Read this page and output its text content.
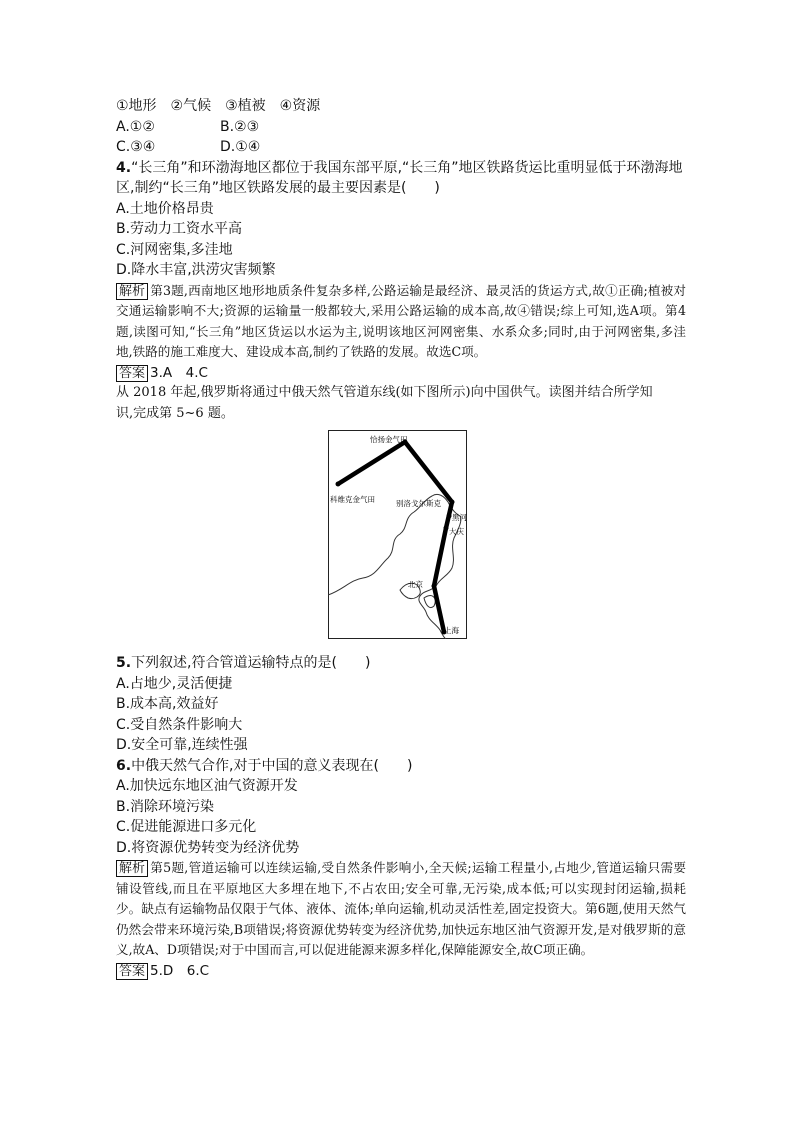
①地形　②气候　③植被　④资源
A.①②	B.②③
C.③④	D.①④
4.“长三角”和环渤海地区都位于我国东部平原,“长三角”地区铁路货运比重明显低于环渤海地
区,制约“长三角”地区铁路发展的最主要因素是(　　)
A.土地价格昂贵
B.劳动力工资水平高
C.河网密集,多洼地
D.降水丰富,洪涝灾害频繁
解析 第3题,西南地区地形地质条件复杂多样,公路运输是最经济、最灵活的货运方式,故①正确;植被对交通运输影响不大;资源的运输量一般都较大,采用公路运输的成本高,故④错误;综上可知,选A项。第4题,读图可知,“长三角”地区货运以水运为主,说明该地区河网密集、水系众多;同时,由于河网密集,多洼地,铁路的施工难度大、建设成本高,制约了铁路的发展。故选C项。
答案 3.A　4.C
从 2018 年起,俄罗斯将通过中俄天然气管道东线(如下图所示)向中国供气。读图并结合所学知
识,完成第 5~6 题。
恰扬金气田
科维克金气田	别洛戈尔斯克
黑河
大庆
北京
上海
5.下列叙述,符合管道运输特点的是(　　)
A.占地少,灵活便捷
B.成本高,效益好
C.受自然条件影响大
D.安全可靠,连续性强
6.中俄天然气合作,对于中国的意义表现在(　　)
A.加快远东地区油气资源开发
B.消除环境污染
C.促进能源进口多元化
D.将资源优势转变为经济优势
解析 第5题,管道运输可以连续运输,受自然条件影响小,全天候;运输工程量小,占地少,管道运输只需要铺设管线,而且在平原地区大多埋在地下,不占农田;安全可靠,无污染,成本低;可以实现封闭运输,损耗少。缺点有运输物品仅限于气体、液体、流体;单向运输,机动灵活性差,固定投资大。第6题,使用天然气仍然会带来环境污染,B项错误;将资源优势转变为经济优势,加快远东地区油气资源开发,是对俄罗斯的意义,故A、D项错误;对于中国而言,可以促进能源来源多样化,保障能源安全,故C项正确。
答案 5.D　6.C
